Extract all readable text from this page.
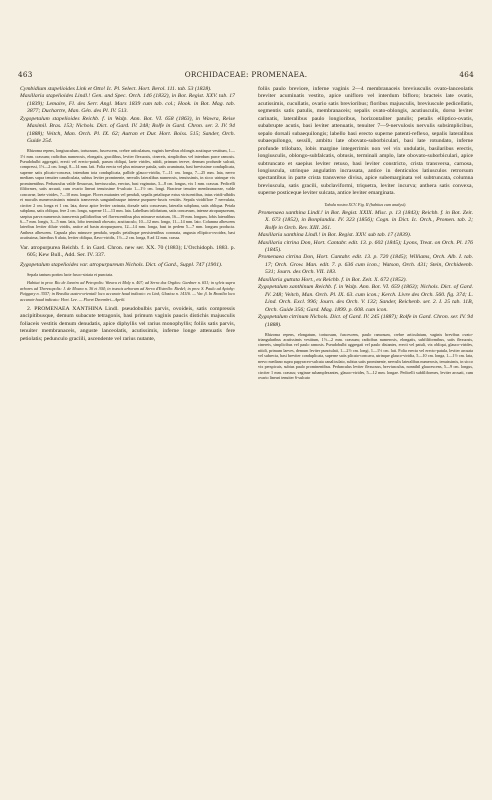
463	ORCHIDACEAE: PROMENAEA.	464

Cymbidium stapelioides Link et Otto! Ic. Pl. Select. Hort. Berol. 111. tab. 53 (1828).

Maxillaria stapelioides Lindl.! Gen. and Spec. Orch. 146 (1832), in Bot. Regist. XXV. tab. 17 (1839); Lemaire, Fl. des Serr. Angl. Mars 1839 cum tab. col.; Hook. in Bot. Mag. tab. 3877; Duchartre, Man. Gén. des Pl. IV. 513.

Zygopetalum stapelioides Reichb. f. in Walp. Ann. Bot. VI. 658 (1863), in Wawra, Reise Maximil. Bras. 153; Nichols. Dict. of Gard. IV. 248; Rolfe in Gard. Chron. ser. 3. IV. 94 (1888); Veitch, Man. Orch. Pl. IX. 62; Autran et Dur. Hort. Boiss. 515; Sander, Orch. Guide 254.

Rhizoma repens, longiusculum, tortuosum, fuscescens, crebre articulatum, vaginis brevibus oblongis acutisque vestitum, 1—1½ mm. crassum; radicibus numerosis, elongatis, gracilibus, leviter flexuosis, cinereis, simplicibus vel interdum parce ramosis. Pseudobulbi aggregati, erecti vel erecto-patuli, parum obliqui, laete virides, nitidi, primum tereve, demum profunde sulcati, compressi, 1½—2 cm. longi, 8—14 mm. lati. Folia erecta vel plus minusve patula, satis acuminata, basi brevissime conduplicata, superne satis plicato-concava, intendum tota conduplicata, pallide glauco-viridia, 7—11 cm. longa, 7—25 mm. lata, nervo medians supra tenuiter canaliculata, subtus leviter prominente, nervulis lateralibus numerosis, tenuissimis, in sicco utrinque vix prominentibus. Pedunculus valde flexuosus, breviusculus, erectus, basi vaginatus, 3—8 cm. longus, vix 1 mm. crassus. Pedicelli filiformes, satis arcuati, cum ovario lineari tenuissime 6-sulcato 1—1½ cm. longi. Bracteae tenuiter membranaceae, valde concavae, laete virides, 7—10 mm. longae. Flores mutantes vel penduli, sepalis petalisque extus viriscentibus, intus viridi-albidis et maculis numerosissimis minutis transversis sanguinibusque intense purpureo-fuscis vestitis. Sepala viridiflore 7 nervulata, circiter 2 cm. longa et 1 cm. lata, dorso apice leviter carinata, dorsale satis concavum, lateralia subplana, satis obliqua. Petala subplana, satis obliqua, fere 2 cm. longa, superne 11—13 mm. lata. Labellum trilobatum, satis concavum, intense atropurpureum, saepius parva numerosis transversis pallidioribus vel flavescentibus plus minusve notatum, 16—19 mm. longum, lobis lateralibus 6—7 mm. longis, 3—5 mm. latis, lobo terminali obovato, acutiusculo, 10—12 mm. longo, 11—14 mm. lato. Columna albescens lateribus leviter dilute viridis, antice ad basin atropurpurea, 12—14 mm. longa, basi in pedem 5—7 mm. longum producta. Anthera albescens. Capsula plus minusve pendula, sepalis petalisque persistentibus coronata, angusta elliptico-ovoidea, basi acutissima, lateribus 6 alata, leviter obliqua, flavo-viridis, 1½—2 cm. longa, 8 ad 12 mm. crassa.

Var. atropurpurea Reichb. f. in Gard. Chron. new ser. XX. 70 (1883); L'Orchidoph. 1883. p. 605; Kew Bull., Add. Ser. IV. 337.

Zygopetalum stapelioides var. atropurpureum Nichols. Dict. of Gard., Suppl. 747 (1901).

Sepala tantum portim lacte fusco-striata et punctata.

Habitat in prov. Rio de Janeiro ad Petropolis: Wawra et Maly n. 407; ad Serra dos Orgãos: Gardner n. 651; in sylvis supra arbores ad Theresopolis: J. de Moura n. 36 et 304; in truncis arborum ad Serra d'Estrella: Riedel; in prov. S. Paulo ad Apiahy: Puiggary n. 3557; in Brasilia austro-orientali loco accurate haud indicato: ex Link, Glaziou n. 14116. — Var. β. In Brasilia loco accurate haud indicato: Hort. Lee. — Floret Decembri—Aprili.

2. PROMENAEA XANTHINA Lindl. pseudobulbis parvis, ovoideis, satis compressis ancipitibusque, demum subacute tetragonis, basi primum vaginis paucis distichis majusculis foliaceis vestitis demum denudatis, apice diphyllis vel rarius monophyllis; foliis satis parvis, tenuiter membranaceis, anguste lanceolatis, acutissimis, inferne longe attenuatis fere petiolatis; pedunculo graciili, ascendente vel rarius nutante,

foliis paulo breviore, inferne vaginis 2—4 membranaceis breviusculis ovato-lanceolatis breviter acuminatis vestito, apice unifloro vel interdum bifloro; bracteis late ovatis, acutissimis, cucullatis, ovario satis brevioribus; floribus majusculis, breviuscule pedicellatis, segmentis satis patulis, membranaceis; sepalis ovato-oblongis, acutiusculis, dorso leviter carinatis, lateralibus paulo longioribus, horizontaliter patulis; petalis elliptico-ovatis, subabrupte acutis, basi leviter attenuatis, tenuiter 7—9-nervulosis nervulis subsimplicibus, sepalo dorsali subaequilongis; labello basi erecto superne patenti-reflexo, sepalis lateralibus subaequilongo, sessili, ambitu late obovato-suborbiculari, basi late rotundato, inferne profunde trilobato, lobis margine integerrimis non vel vix undulatis, basilaribus erectis, longiusculis, oblongo-subfalcatis, obtusis, terminali amplo, late obovato-suborbiculari, apice subtruncato et saepius leviter retuso, basi leviter constricto, crista transversa, carnosa, longiuscula, utrinque angulatim incrassata, antice in denticulos latiusculos retrorsum spectantibus in parte crista transverse divisa, apice subemarginata vel subtruncata, columna breviuscula, satis gracili, subclaviformi, triquetra, leviter incurva; anthera satis convexa, superne posticeque leviter sulcata, antice leviter emarginata.

Tabula nostra XCV. Fig. II (habitus cum analysi).

Promenaea xanthina Lindl.! in Bot. Regist. XXIX. Misc. p. 13 (1843); Reichb. f. in Bot. Zeit. X. 673 (1852), in Bonplandia. IV. 323 (1856); Cogn. in Dict. Ic. Orch., Promen. tab. 2; Rolfe in Orch. Rev. XIII. 261.

Maxillaria xanthina Lindl.! in Bot. Regist. XXV. sub tab. 17 (1839).

Maxillaria citrina Don, Hort. Cantabr. edit. 13. p. 602 (1845); Lyons, Treat. on Orch. Pl. 176 (1845).

Promenaea citrina Don, Hort. Cantabr. edit. 13. p. 720 (1845); Williams, Orch. Alb. I. tab. 17; Orch. Grow. Man. edit. 7. p. 636 cum icon.; Watson, Orch. 431; Stein, Orchideenb. 531; Journ. des Orch. VII. 183.

Maxillaria guttata Hort., ex Reichb. f. in Bot. Zeit. X. 672 (1852).

Zygopetalum xanthinum Reichb. f. in Walp. Ann. Bot. VI. 659 (1863); Nichols. Dict. of Gard. IV. 248; Veitch, Man. Orch. Pl. IX. 63. cum icon.; Kerch. Livre des Orch. 560. fig. 374; L. Lind. Orch. Excl. 996; Journ. des Orch. V. 132; Sander, Reichenb. ser. 2. I. 25 tab. 11B, Orch. Guide 356; Gard. Mag. 1899. p. 608. cum icon.

Zygopetalum citrinum Nichols. Dict. of Gard. IV. 245 (1887); Rolfe in Gard. Chron. ser. IV. 94 (1888).

Rhizoma repens, elongatum, tortuosum, fuscescens, paulo ramosum, crebre articulatum, vaginis brevibus ovato-triangularibus acutissimis vestitum, 1½—2 mm. crassum; radicibus numerosis, elongatis, subfiliformibus, satis flexuosis, cinereis, simplicibus vel paulo ramosis. Pseudobulbi aggregati vel paulo distantes, erecti vel patuli, vix obliqui, glauco-virides, nitidi, primum laeves, demum leviter punctulati, 1—2½ cm. longi, 1—1½ cm. lati. Folia erecta vel erecto-patula, leviter arcuata vel subrecta, basi breviter conduplicata, superne satis plicato-concava, utrinque glauco-viridia, 5—10 cm. longa, 1—1½ cm. lata, nervo mediano supra papyraceo-sulcata canaliculato, subtus satis prominente, nervulis lateralibus numerosis, tenuissimis, in sicco vix perspicuis, subtus paulo prominentibus. Pedunculus leviter flexuosus, breviusculus, nonnihil glaucescens, 5—9 cm. longus, circiter 1 mm. crassus; vaginae subamplexantes, glauco-virides, 5—12 mm. longae. Pedicelli subfiliformes, leviter arcuati, cum ovario lineari tenuiter 6-sulcato
